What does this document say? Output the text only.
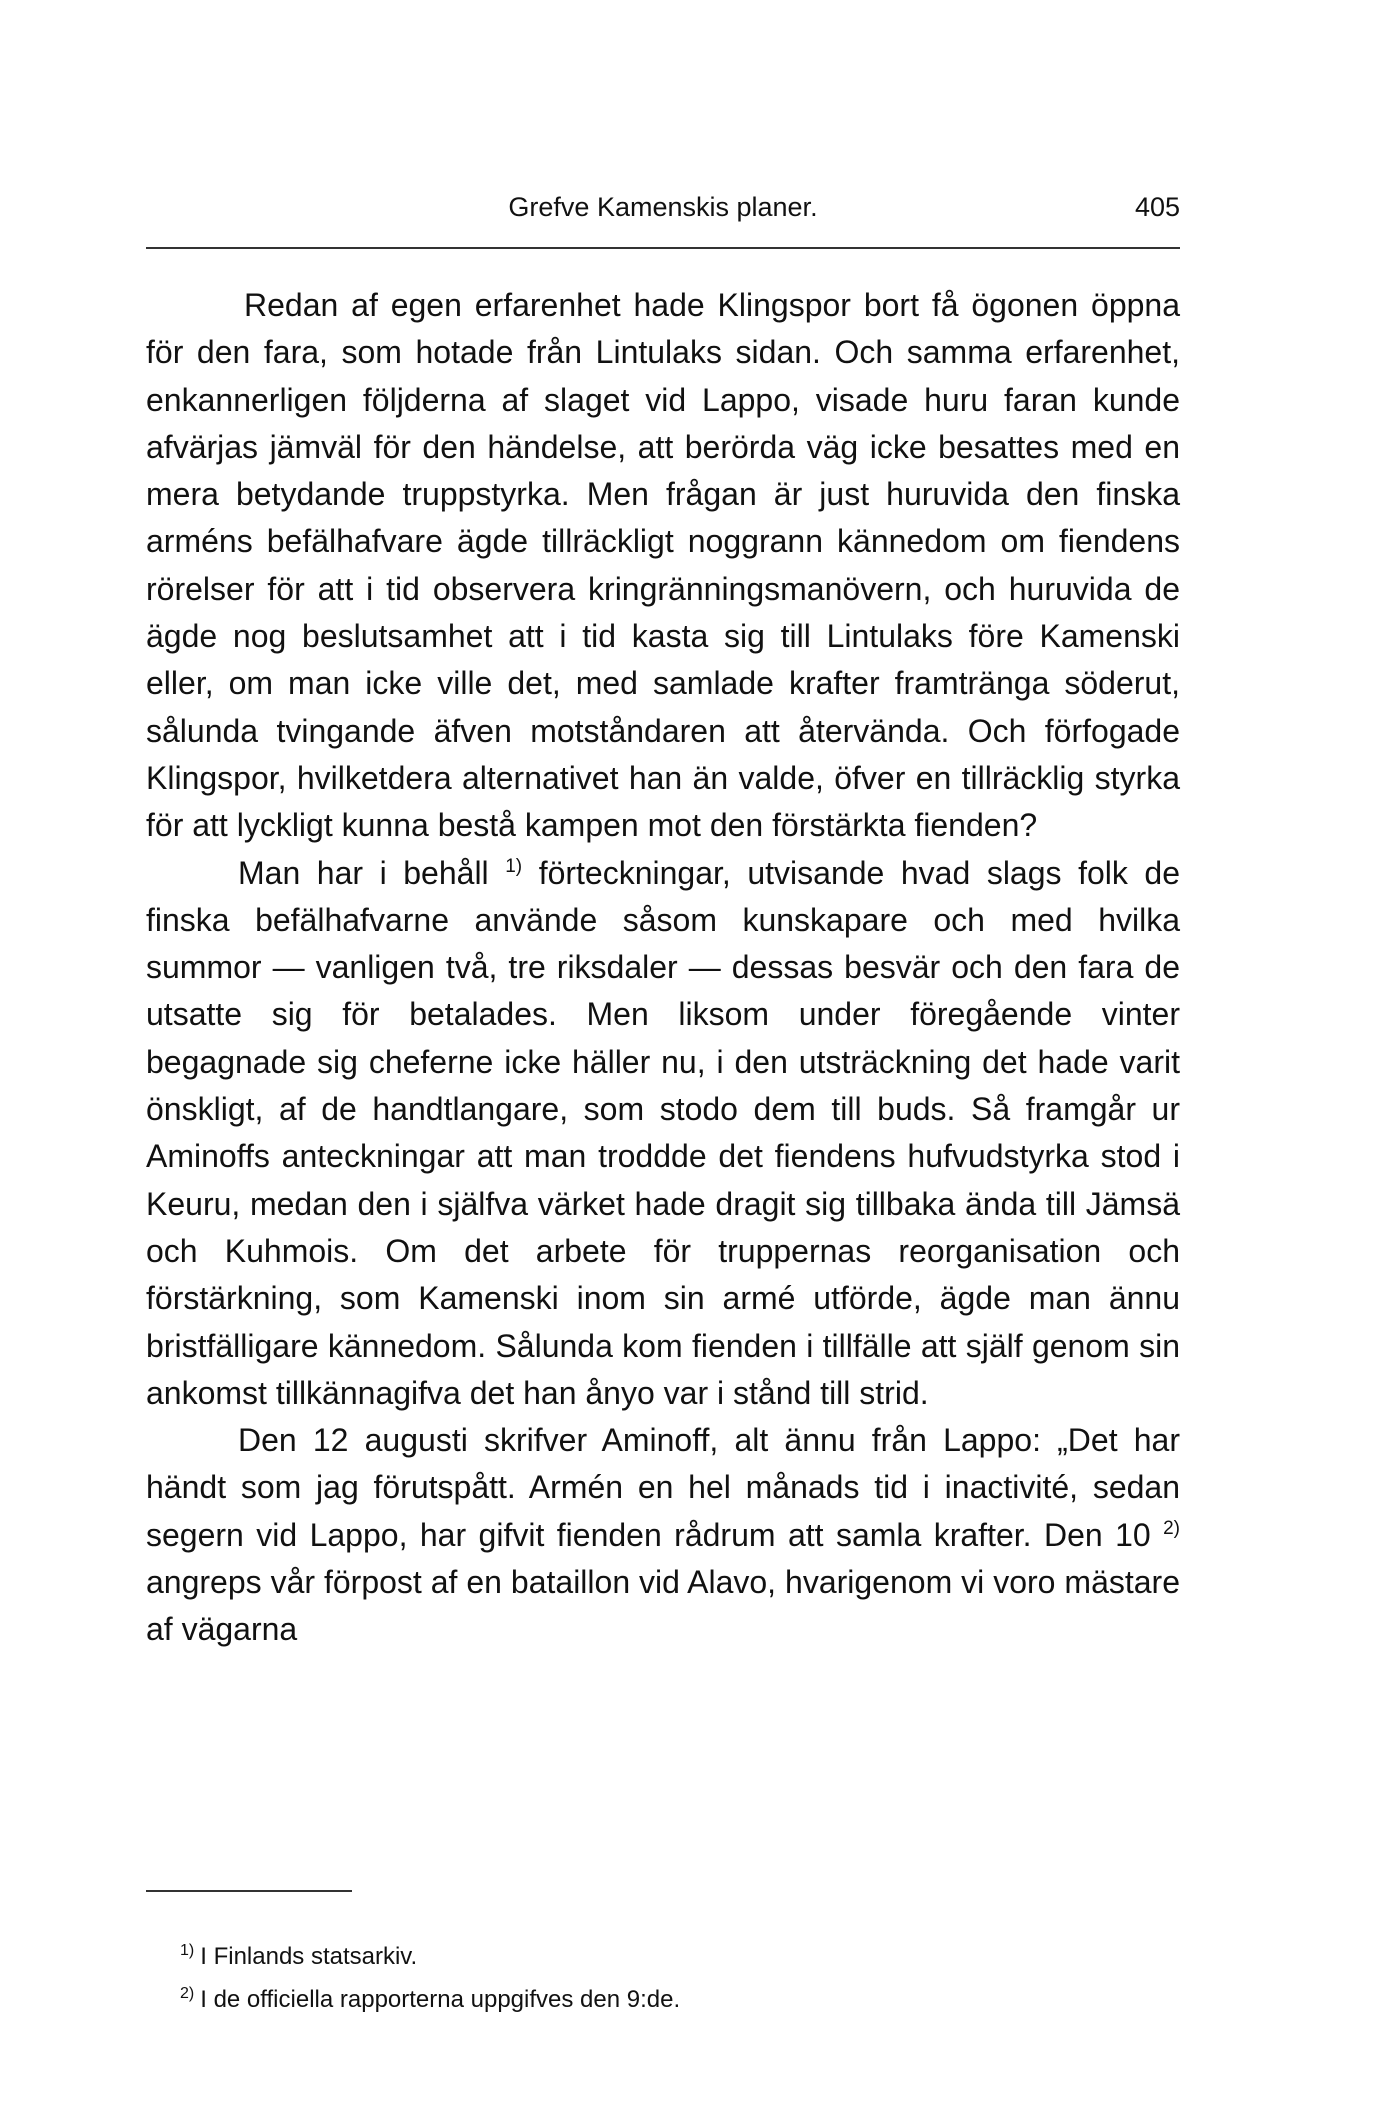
Grefve Kamenskis planer.	405

Redan af egen erfarenhet hade Klingspor bort få ögonen öppna för den fara, som hotade från Lintulaks sidan. Och samma erfarenhet, enkannerligen följderna af slaget vid Lappo, visade huru faran kunde afvärjas jämväl för den händelse, att berörda väg icke besattes med en mera betydande truppstyrka. Men frågan är just huruvida den finska arméns befälhafvare ägde tillräckligt noggrann kännedom om fiendens rörelser för att i tid observera kringränningsmanövern, och huruvida de ägde nog beslutsamhet att i tid kasta sig till Lintulaks före Kamenski eller, om man icke ville det, med samlade krafter framtränga söderut, sålunda tvingande äfven motståndaren att återvända. Och förfogade Klingspor, hvilketdera alternativet han än valde, öfver en tillräcklig styrka för att lyckligt kunna bestå kampen mot den förstärkta fienden?

Man har i behåll $^{1)}$ förteckningar, utvisande hvad slags folk de finska befälhafvarne använde såsom kunskapare och med hvilka summor — vanligen två, tre riksdaler — dessas besvär och den fara de utsatte sig för betalades. Men liksom under föregående vinter begagnade sig cheferne icke häller nu, i den utsträckning det hade varit önskligt, af de handtlangare, som stodo dem till buds. Så framgår ur Aminoffs anteckningar att man troddde det fiendens hufvudstyrka stod i Keuru, medan den i själfva värket hade dragit sig tillbaka ända till Jämsä och Kuhmois. Om det arbete för truppernas reorganisation och förstärkning, som Kamenski inom sin armé utförde, ägde man ännu bristfälligare kännedom. Sålunda kom fienden i tillfälle att själf genom sin ankomst tillkännagifva det han ånyo var i stånd till strid.

Den 12 augusti skrifver Aminoff, alt ännu från Lappo: „Det har händt som jag förutspått. Armén en hel månads tid i inactivité, sedan segern vid Lappo, har gifvit fienden rådrum att samla krafter. Den 10 $^{2)}$ angreps vår förpost af en bataillon vid Alavo, hvarigenom vi voro mästare af vägarna

$^{1)}$ I Finlands statsarkiv.

$^{2)}$ I de officiella rapporterna uppgifves den 9:de.
